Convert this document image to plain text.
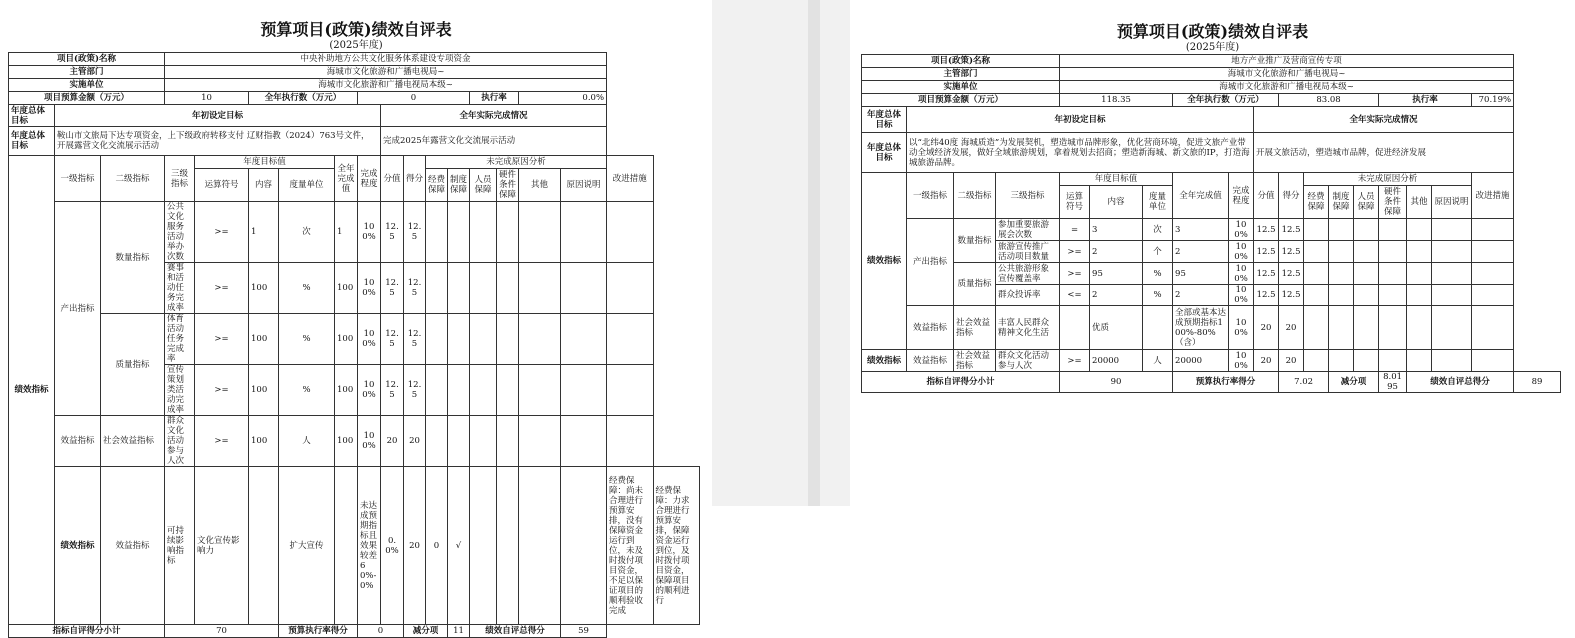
预算项目(政策)绩效自评表
(2025年度)
项目(政策)名称			中央补助地方公共文化服务体系建设专项资金															
主管部门			海城市文化旅游和广播电视局~															
实施单位			海城市文化旅游和广播电视局本级~															
项目预算金额（万元）			10		全年执行数（万元）			0					执行率		0.0%			
年度总体目标	年初设定目标								全年实际完成情况									
年度总体目标	鞍山市文旅局下达专项资金，上下级政府转移支付 辽财指教（2024）763号文件，开展露营文化交流展示活动								完成2025年露营文化交流展示活动									
绩效指标	一级指标	二级指标	三级指标	年度目标值			全年完成值	完成程度	分值	得分	未完成原因分析						改进措施	
				运算符号	内容	度量单位					经费保障	制度保障	人员保障	硬件条件保障	其他	原因说明		
	产出指标	数量指标	公共文化服务活动举办次数	>=	1	次	1	100%	12.5	12.5								
			赛事和活动任务完成率	>=	100	%	100	100%	12.5	12.5								
		质量指标	体育活动任务完成率	>=	100	%	100	100%	12.5	12.5								
			宣传策划类活动完成率	>=	100	%	100	100%	12.5	12.5								
	效益指标	社会效益指标	群众文化活动参与人次	>=	100	人	100	100%	20	20								
	绩效指标	效益指标	可持续影响指标	文化宣传影响力		扩大宣传		未达成预期指标且效果较差60%-0%	0.0%	20	0	√					经费保障：尚未合理进行预算安排，没有保障资金运行到位，未及时拨付项目资金，不足以保证项目的顺利验收完成	经费保障：力求合理进行预算安排，保障资金运行到位，及时拨付项目资金，保障项目的顺利进行
指标自评得分小计			70			预算执行率得分		0		减分项		11	绩效自评总得分			59		
预算项目(政策)绩效自评表
(2025年度)
项目(政策)名称				地方产业推广及营商宣传专项														
主管部门				海城市文化旅游和广播电视局~														
实施单位				海城市文化旅游和广播电视局本级~														
项目预算金额（万元）				118.35			全年执行数（万元）			83.08				执行率			70.19%	
年度总体目标	年初设定目标								全年实际完成情况									
年度总体目标	以“北纬40度 海城质造”为发展契机，塑造城市品牌形象，优化营商环境，促进文旅产业带动全域经济发展，做好全域旅游规划，拿着规划去招商；塑造新海城、新文旅的IP，打造海城旅游品牌。								开展文旅活动，塑造城市品牌，促进经济发展									
绩效指标	一级指标	二级指标	三级指标	年度目标值			全年完成值	完成程度	分值	得分	未完成原因分析						改进措施	
				运算符号	内容	度量单位					经费保障	制度保障	人员保障	硬件条件保障	其他	原因说明		
	产出指标	数量指标	参加重要旅游展会次数	=	3	次	3	100%	12.5	12.5								
			旅游宣传推广活动项目数量	>=	2	个	2	100%	12.5	12.5								
		质量指标	公共旅游形象宣传覆盖率	>=	95	%	95	100%	12.5	12.5								
			群众投诉率	<=	2	%	2	100%	12.5	12.5								
	效益指标	社会效益指标	丰富人民群众精神文化生活		优质		全部或基本达成预期指标100%-80%（含）	100%	20	20								
绩效指标	效益指标	社会效益指标	群众文化活动参与人次	>=	20000	人	20000	100%	20	20								
指标自评得分小计				90			预算执行率得分			7.02		减分项		8.0195	绩效自评总得分			89
